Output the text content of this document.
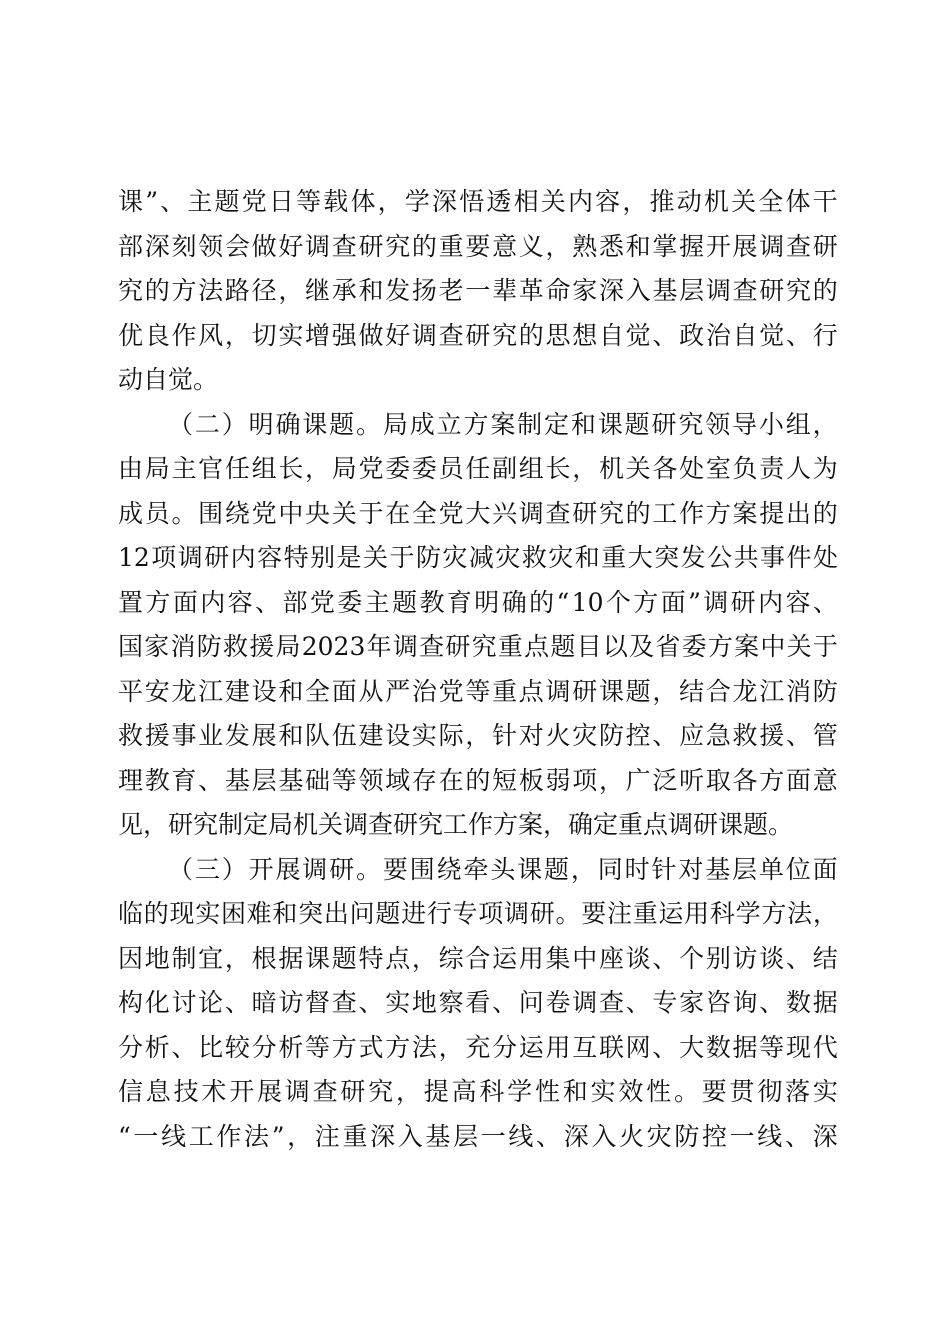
课 ” 、 主 题 党 日 等 载 体 ， 学 深 悟 透 相 关 内 容 ， 推 动 机 关 全 体 干
部 深 刻 领 会 做 好 调 查 研 究 的 重 要 意 义 ， 熟 悉 和 掌 握 开 展 调 查 研
究 的 方 法 路 径 ， 继 承 和 发 扬 老 一 辈 革 命 家 深 入 基 层 调 查 研 究 的
优 良 作 风 ， 切 实 增 强 做 好 调 查 研 究 的 思 想 自 觉 、 政 治 自 觉 、 行
动自觉。
（ 二 ） 明 确 课 题 。 局 成 立 方 案 制 定 和 课 题 研 究 领 导 小 组 ，
由 局 主 官 任 组 长 ， 局 党 委 委 员 任 副 组 长 ， 机 关 各 处 室 负 责 人 为
成 员 。 围 绕 党 中 央 关 于 在 全 党 大 兴 调 查 研 究 的 工 作 方 案 提 出 的
12 项 调 研 内 容 特 别 是 关 于 防 灾 减 灾 救 灾 和 重 大 突 发 公 共 事 件 处
置 方 面 内 容 、 部 党 委 主 题 教 育 明 确 的 “ 10 个 方 面 ” 调 研 内 容 、
国 家 消 防 救 援 局 2023 年 调 查 研 究 重 点 题 目 以 及 省 委 方 案 中 关 于
平 安 龙 江 建 设 和 全 面 从 严 治 党 等 重 点 调 研 课 题 ， 结 合 龙 江 消 防
救 援 事 业 发 展 和 队 伍 建 设 实 际 ， 针 对 火 灾 防 控 、 应 急 救 援 、 管
理 教 育 、 基 层 基 础 等 领 域 存 在 的 短 板 弱 项 ， 广 泛 听 取 各 方 面 意
见，研究制定局机关调查研究工作方案，确定重点调研课题。
（ 三 ） 开 展 调 研 。 要 围 绕 牵 头 课 题 ， 同 时 针 对 基 层 单 位 面
临 的 现 实 困 难 和 突 出 问 题 进 行 专 项 调 研 。 要 注 重 运 用 科 学 方 法 ，
因 地 制 宜 ， 根 据 课 题 特 点 ， 综 合 运 用 集 中 座 谈 、 个 别 访 谈 、 结
构 化 讨 论 、 暗 访 督 查 、 实 地 察 看 、 问 卷 调 查 、 专 家 咨 询 、 数 据
分 析 、 比 较 分 析 等 方 式 方 法 ， 充 分 运 用 互 联 网 、 大 数 据 等 现 代
信 息 技 术 开 展 调 查 研 究 ， 提 高 科 学 性 和 实 效 性 。 要 贯 彻 落 实
“ 一 线 工 作 法 ” ， 注 重 深 入 基 层 一 线 、 深 入 火 灾 防 控 一 线 、 深
